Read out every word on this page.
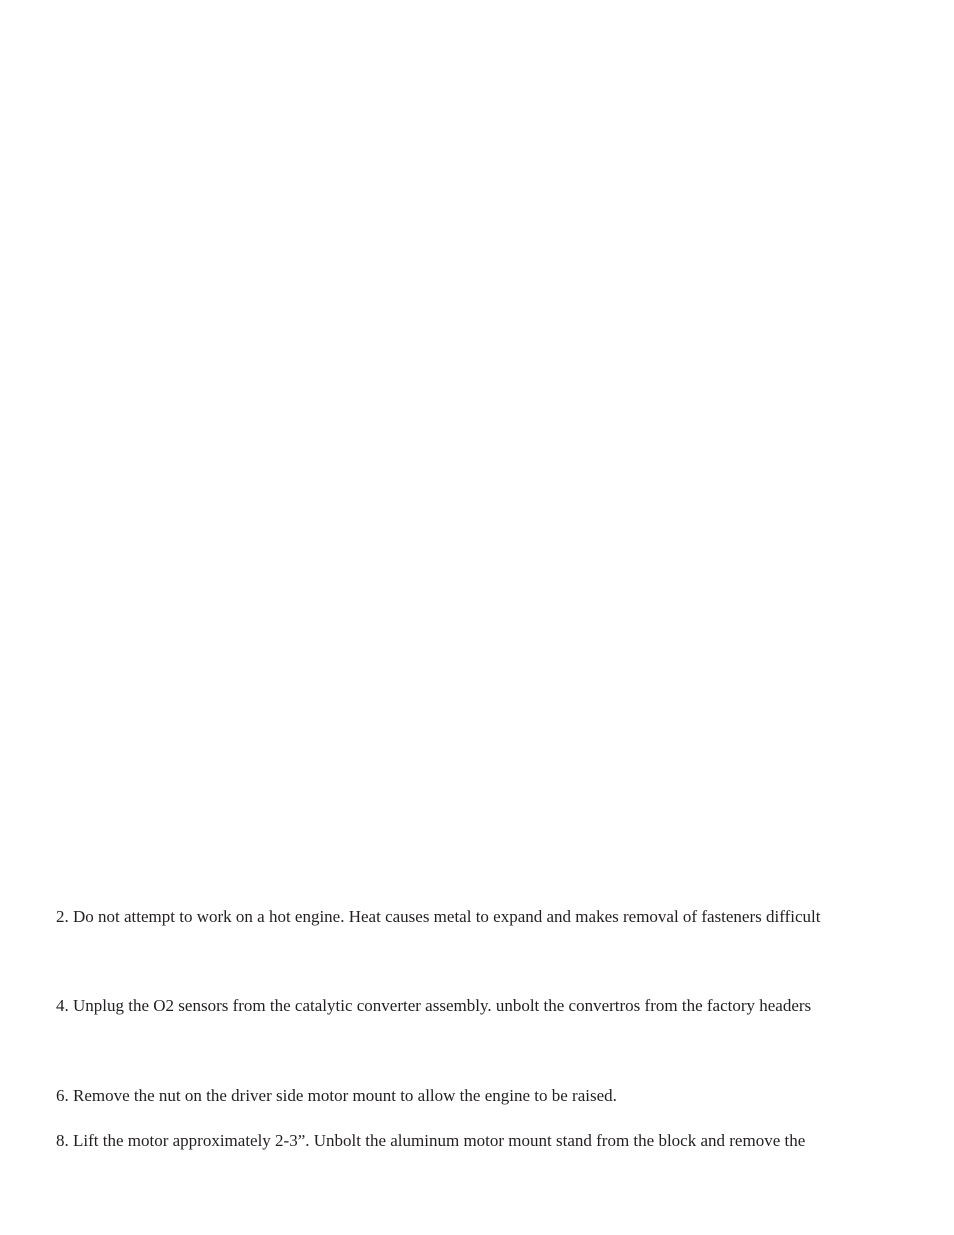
2. Do not attempt to work on a hot engine. Heat causes metal to expand and makes removal of fasteners difficult

4. Unplug the O2 sensors from the catalytic converter assembly. unbolt the convertros from the factory headers

6. Remove the nut on the driver side motor mount to allow the engine to be raised.

8. Lift the motor approximately 2-3”. Unbolt the aluminum motor mount stand from the block and remove the
